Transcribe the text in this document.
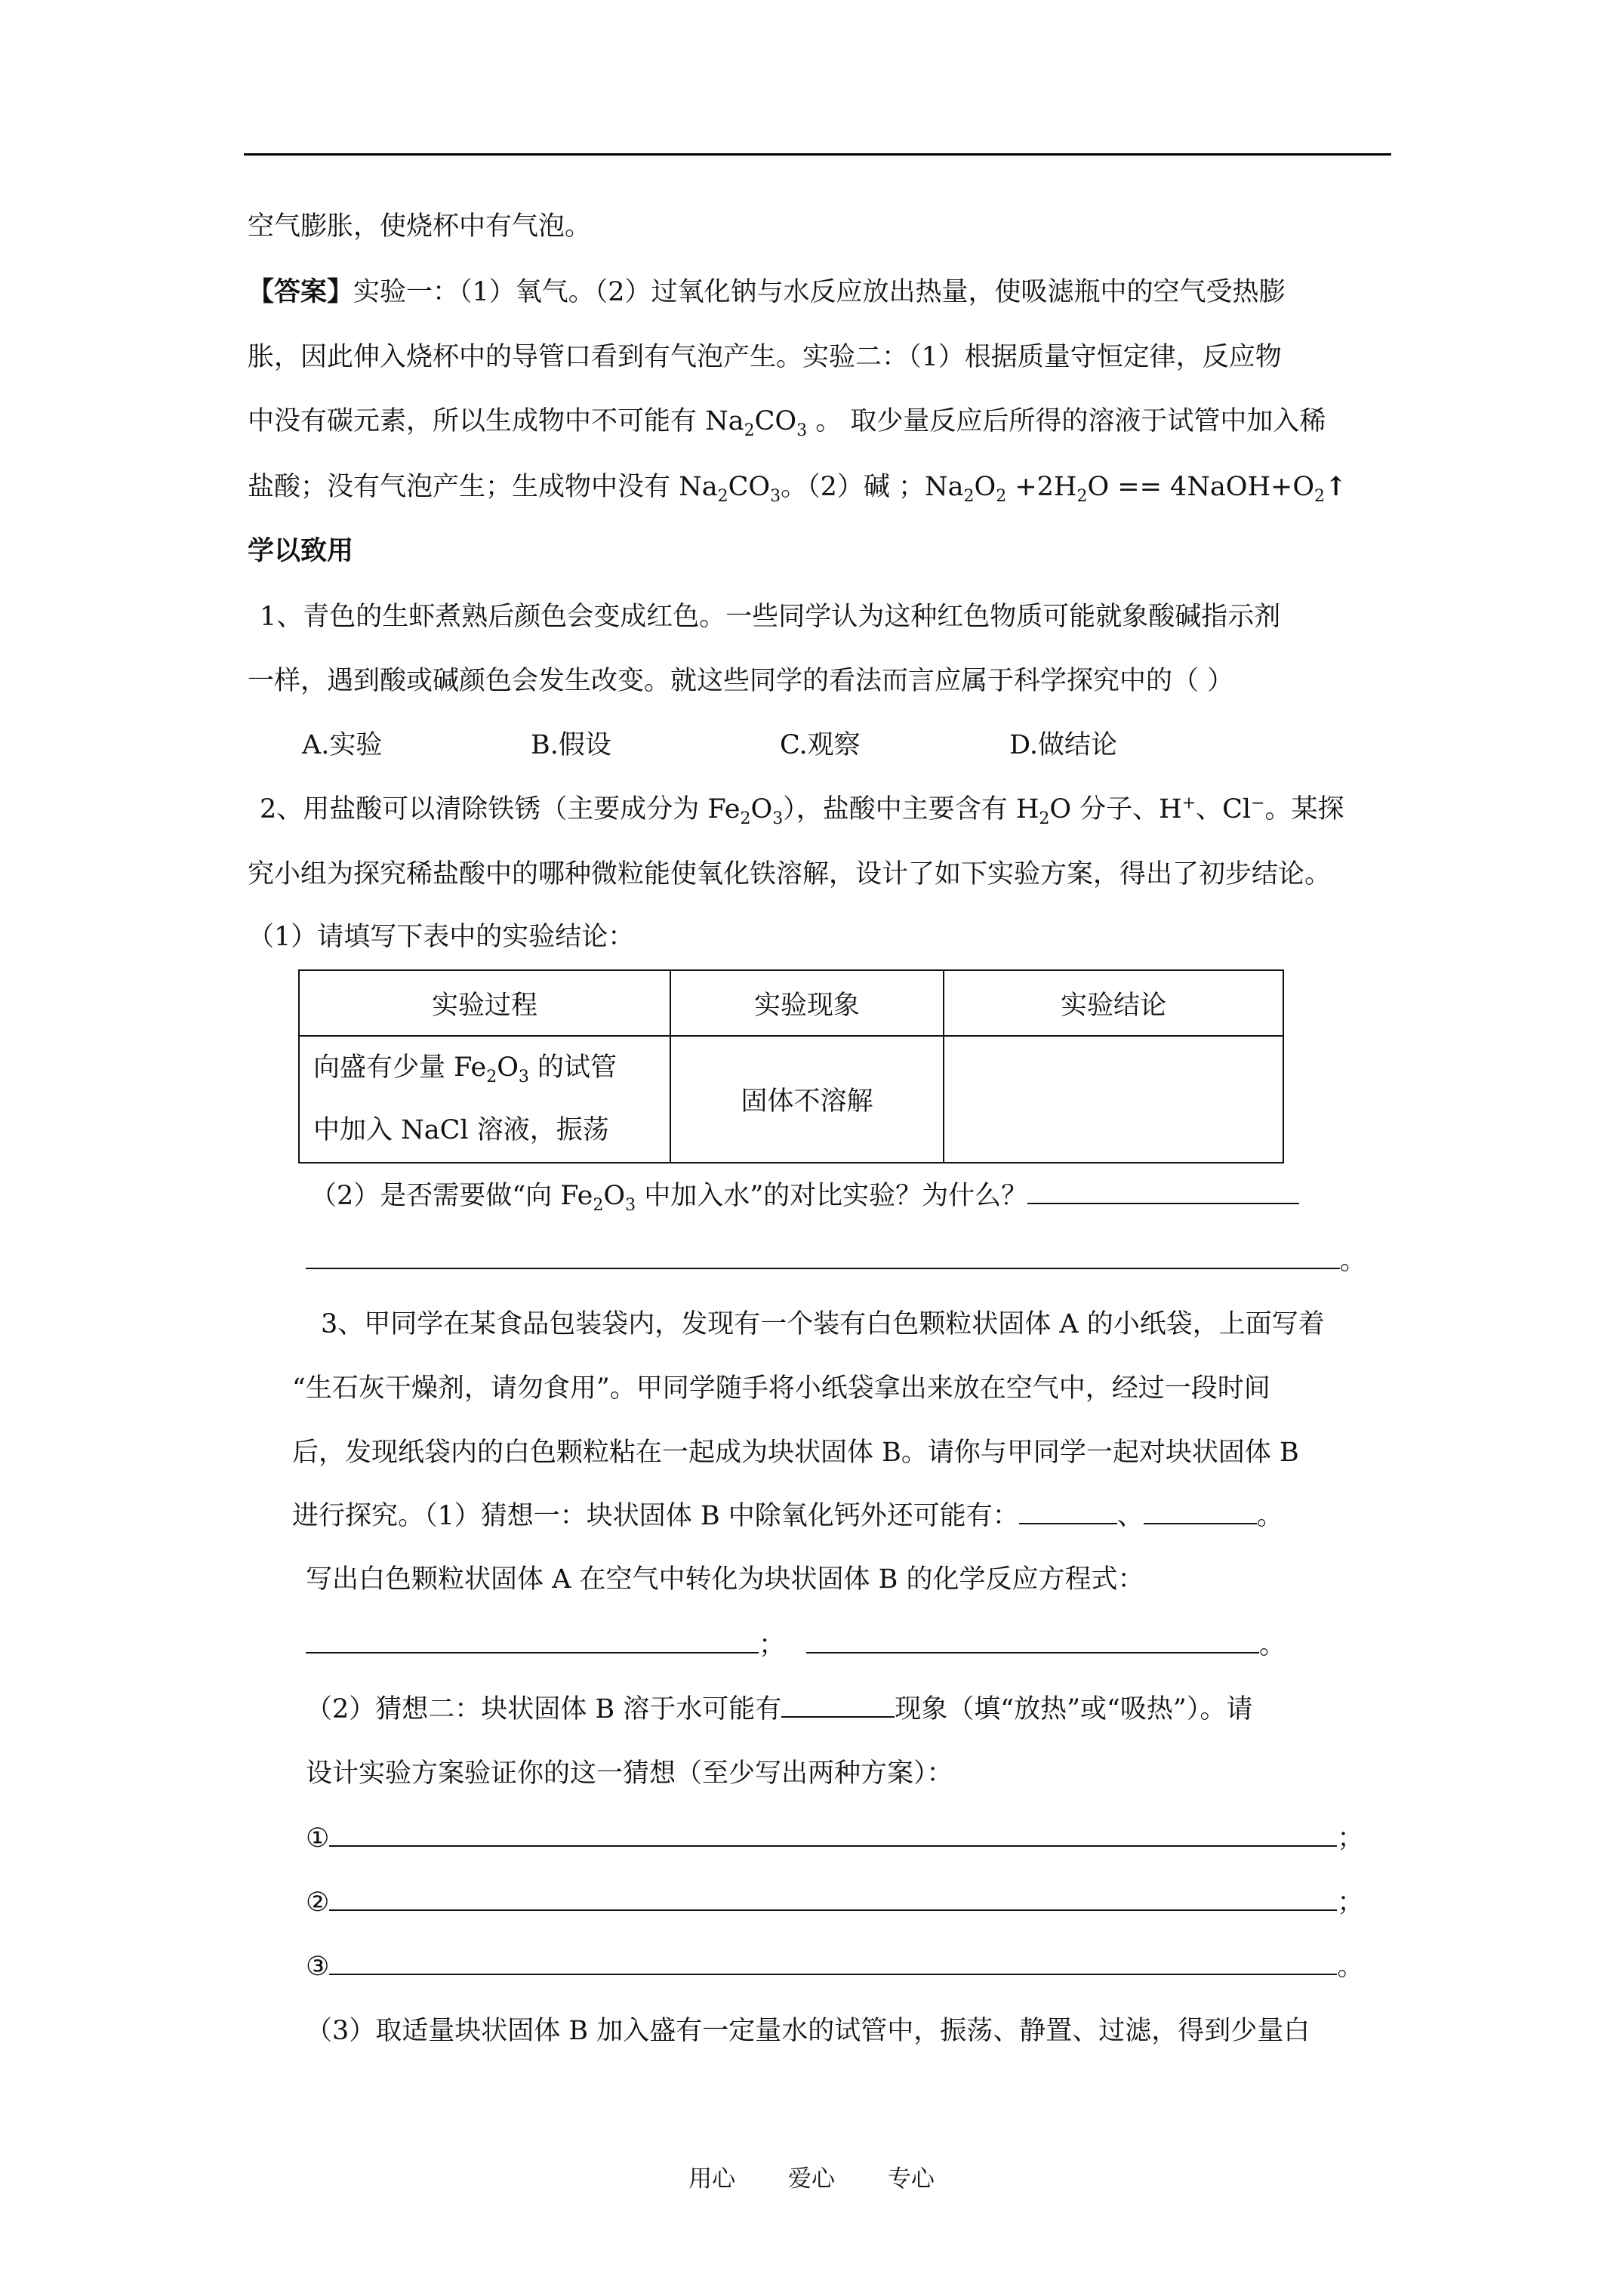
空气膨胀，使烧杯中有气泡。
【答案】实验一：（1）氧气。（2）过氧化钠与水反应放出热量，使吸滤瓶中的空气受热膨
胀，因此伸入烧杯中的导管口看到有气泡产生。实验二：（1）根据质量守恒定律，反应物
中没有碳元素，所以生成物中不可能有 $Na_2CO_3$ 。 取少量反应后所得的溶液于试管中加入稀
盐酸；没有气泡产生；生成物中没有 $Na_2CO_3$。（2）碱 ；$Na_2O_2 +2H_2O$ == $4NaOH+O_2↑$
学以致用
1、青色的生虾煮熟后颜色会变成红色。一些同学认为这种红色物质可能就象酸碱指示剂
一样，遇到酸或碱颜色会发生改变。就这些同学的看法而言应属于科学探究中的（ ）
A.实验	B.假设	C.观察	D.做结论
2、用盐酸可以清除铁锈（主要成分为 $Fe_2O_3$），盐酸中主要含有 $H_2O$ 分子、H+、Cl−。某探
究小组为探究稀盐酸中的哪种微粒能使氧化铁溶解，设计了如下实验方案，得出了初步结论。
（1）请填写下表中的实验结论：
实验过程	实验现象	实验结论

向盛有少量 $Fe_2O_3$ 的试管
中加入 NaCl 溶液，振荡	固体不溶解	
（2）是否需要做“向 $Fe_2O_3$ 中加入水”的对比实验？为什么？
。
3、甲同学在某食品包装袋内，发现有一个装有白色颗粒状固体 A 的小纸袋，上面写着
“生石灰干燥剂，请勿食用”。甲同学随手将小纸袋拿出来放在空气中，经过一段时间
后，发现纸袋内的白色颗粒粘在一起成为块状固体 B。请你与甲同学一起对块状固体 B
进行探究。（1）猜想一：块状固体 B 中除氧化钙外还可能有：	、	。
写出白色颗粒状固体 A 在空气中转化为块状固体 B 的化学反应方程式：
；	。
（2）猜想二：块状固体 B 溶于水可能有	现象（填“放热”或“吸热”）。请
设计实验方案验证你的这一猜想（至少写出两种方案）：
①	；
②	；
③	。
（3）取适量块状固体 B 加入盛有一定量水的试管中，振荡、静置、过滤，得到少量白
用心 爱心 专心
